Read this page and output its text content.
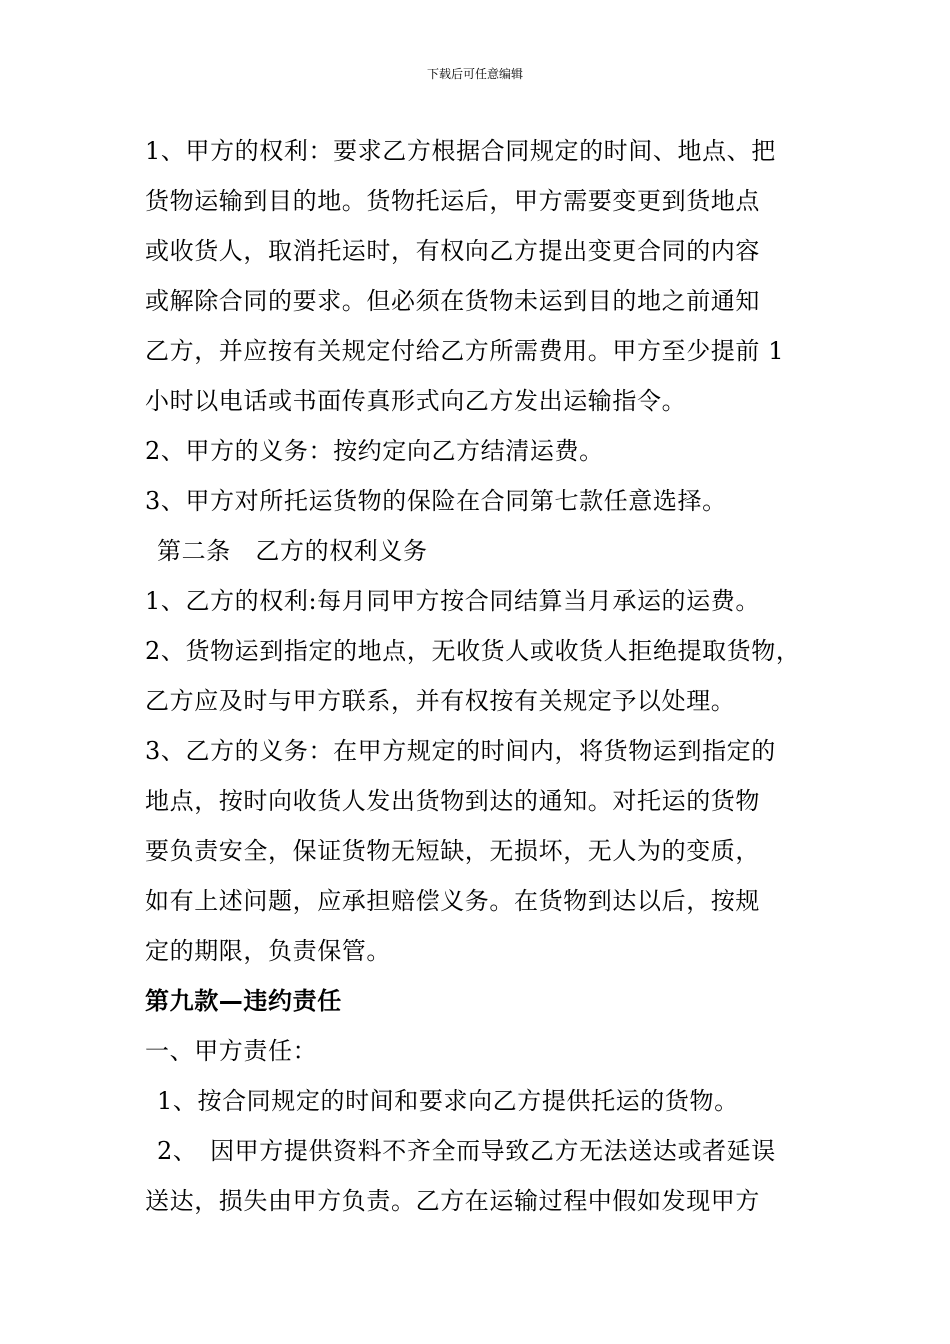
下载后可任意编辑
1、甲方的权利：要求乙方根据合同规定的时间、地点、把
货物运输到目的地。货物托运后，甲方需要变更到货地点
或收货人，取消托运时，有权向乙方提出变更合同的内容
或解除合同的要求。但必须在货物未运到目的地之前通知
乙方，并应按有关规定付给乙方所需费用。甲方至少提前 1
小时以电话或书面传真形式向乙方发出运输指令。
2、甲方的义务：按约定向乙方结清运费。
3、甲方对所托运货物的保险在合同第七款任意选择。
第二条　乙方的权利义务
1、乙方的权利:每月同甲方按合同结算当月承运的运费。
2、货物运到指定的地点，无收货人或收货人拒绝提取货物，
乙方应及时与甲方联系，并有权按有关规定予以处理。
3、乙方的义务：在甲方规定的时间内，将货物运到指定的
地点，按时向收货人发出货物到达的通知。对托运的货物
要负责安全，保证货物无短缺，无损坏，无人为的变质，
如有上述问题，应承担赔偿义务。在货物到达以后，按规
定的期限，负责保管。
第九款—违约责任
一、甲方责任：
1、按合同规定的时间和要求向乙方提供托运的货物。
2、　因甲方提供资料不齐全而导致乙方无法送达或者延误
送达，损失由甲方负责。乙方在运输过程中假如发现甲方
